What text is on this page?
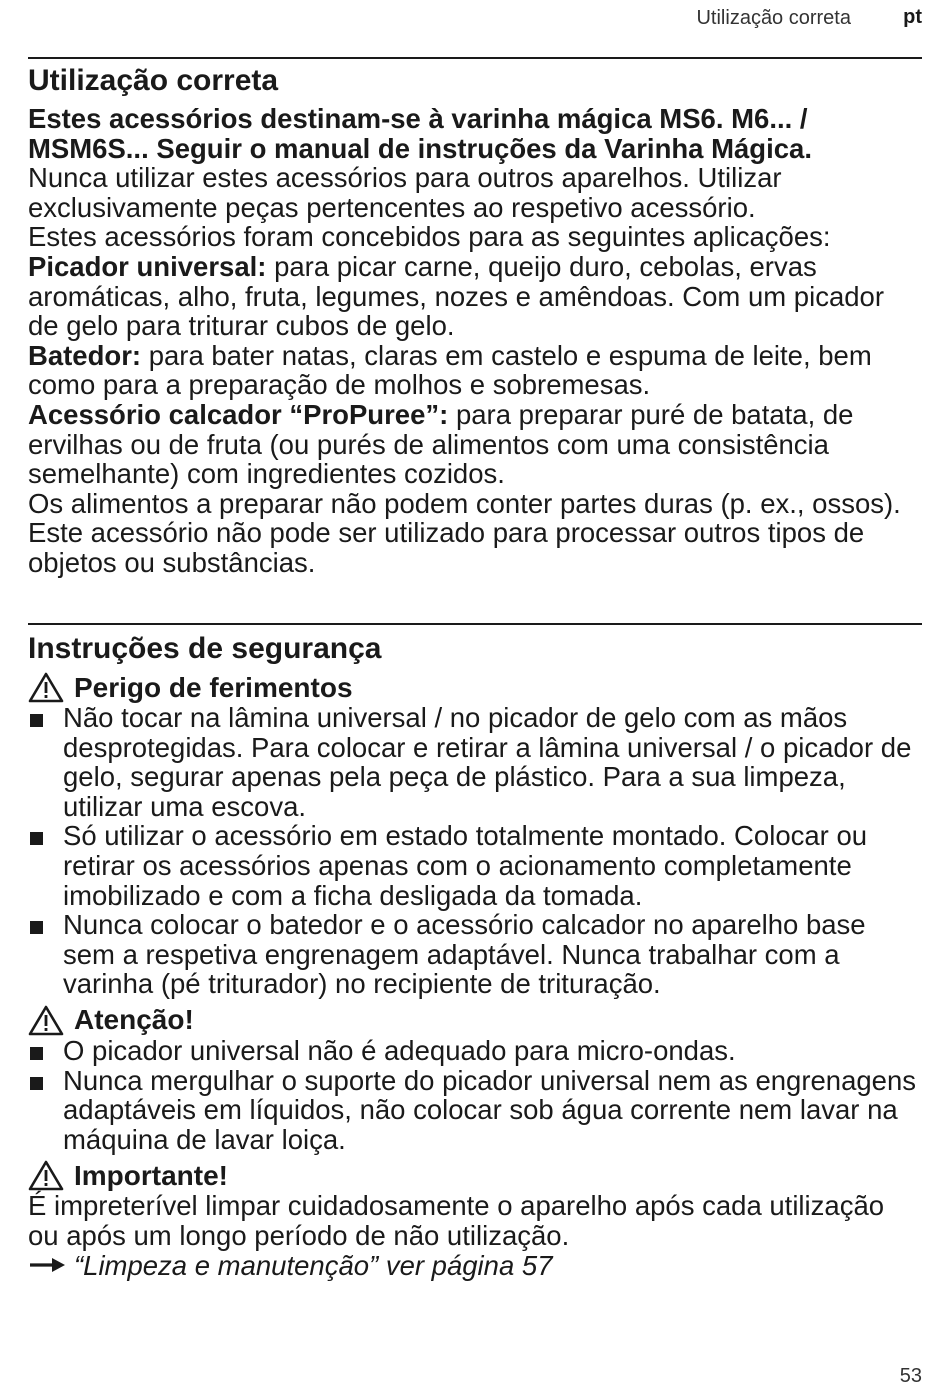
Utilização correta	pt
Utilização correta

Estes acessórios destinam-se à varinha mágica MS6. M6... / MSM6S... Seguir o manual de instruções da Varinha Mágica.

Nunca utilizar estes acessórios para outros aparelhos. Utilizar exclusivamente peças pertencentes ao respetivo acessório.

Estes acessórios foram concebidos para as seguintes aplicações:

Picador universal: para picar carne, queijo duro, cebolas, ervas aromáticas, alho, fruta, legumes, nozes e amêndoas. Com um picador de gelo para triturar cubos de gelo.

Batedor: para bater natas, claras em castelo e espuma de leite, bem como para a preparação de molhos e sobremesas.

Acessório calcador “ProPuree”: para preparar puré de batata, de ervilhas ou de fruta (ou purés de alimentos com uma consistência semelhante) com ingredientes cozidos.

Os alimentos a preparar não podem conter partes duras (p. ex., ossos). Este acessório não pode ser utilizado para processar outros tipos de objetos ou substâncias.

Instruções de segurança
Perigo de ferimentos
Não tocar na lâmina universal / no picador de gelo com as mãos desprotegidas. Para colocar e retirar a lâmina universal / o picador de gelo, segurar apenas pela peça de plástico. Para a sua limpeza, utilizar uma escova.
Só utilizar o acessório em estado totalmente montado. Colocar ou retirar os acessórios apenas com o acionamento completamente imobilizado e com a ficha desligada da tomada.
Nunca colocar o batedor e o acessório calcador no aparelho base sem a respetiva engrenagem adaptável. Nunca trabalhar com a varinha (pé triturador) no recipiente de trituração.
Atenção!
O picador universal não é adequado para micro-ondas.
Nunca mergulhar o suporte do picador universal nem as engrenagens adaptáveis em líquidos, não colocar sob água corrente nem lavar na máquina de lavar loiça.
Importante!

É impreterível limpar cuidadosamente o aparelho após cada utilização ou após um longo período de não utilização.

“Limpeza e manutenção” ver página 57
53
